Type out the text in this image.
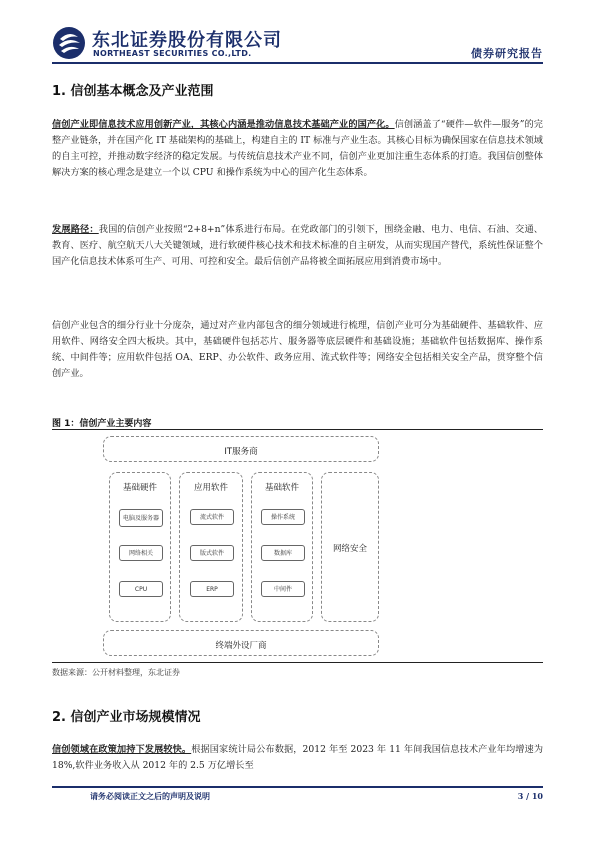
东北证券股份有限公司
NORTHEAST SECURITIES CO.,LTD.	债券研究报告
1. 信创基本概念及产业范围
信创产业即信息技术应用创新产业，其核心内涵是推动信息技术基础产业的国产化。信创涵盖了“硬件—软件—服务”的完整产业链条，并在国产化 IT 基础架构的基础上，构建自主的 IT 标准与产业生态。其核心目标为确保国家在信息技术领域的自主可控，并推动数字经济的稳定发展。与传统信息技术产业不同，信创产业更加注重生态体系的打造。我国信创整体解决方案的核心理念是建立一个以 CPU 和操作系统为中心的国产化生态体系。
发展路径：我国的信创产业按照“2+8+n”体系进行布局。在党政部门的引领下，围绕金融、电力、电信、石油、交通、教育、医疗、航空航天八大关键领域，进行软硬件核心技术和技术标准的自主研发，从而实现国产替代，系统性保证整个国产化信息技术体系可生产、可用、可控和安全。最后信创产品将被全面拓展应用到消费市场中。
信创产业包含的细分行业十分庞杂，通过对产业内部包含的细分领域进行梳理，信创产业可分为基础硬件、基础软件、应用软件、网络安全四大板块。其中，基础硬件包括芯片、服务器等底层硬件和基础设施；基础软件包括数据库、操作系统、中间件等；应用软件包括 OA、ERP、办公软件、政务应用、流式软件等；网络安全包括相关安全产品，贯穿整个信创产业。
图 1：信创产业主要内容
IT服务商
基础硬件
电脑及服务器
网络相关
CPU
应用软件
流式软件
版式软件
ERP
基础软件
操作系统
数据库
中间件
网络安全
终端外设厂商
数据来源：公开材料整理，东北证券
2. 信创产业市场规模情况
信创领域在政策加持下发展较快。根据国家统计局公布数据，2012 年至 2023 年 11 年间我国信息技术产业年均增速为 18%,软件业务收入从 2012 年的 2.5 万亿增长至
请务必阅读正文之后的声明及说明	3 / 10
